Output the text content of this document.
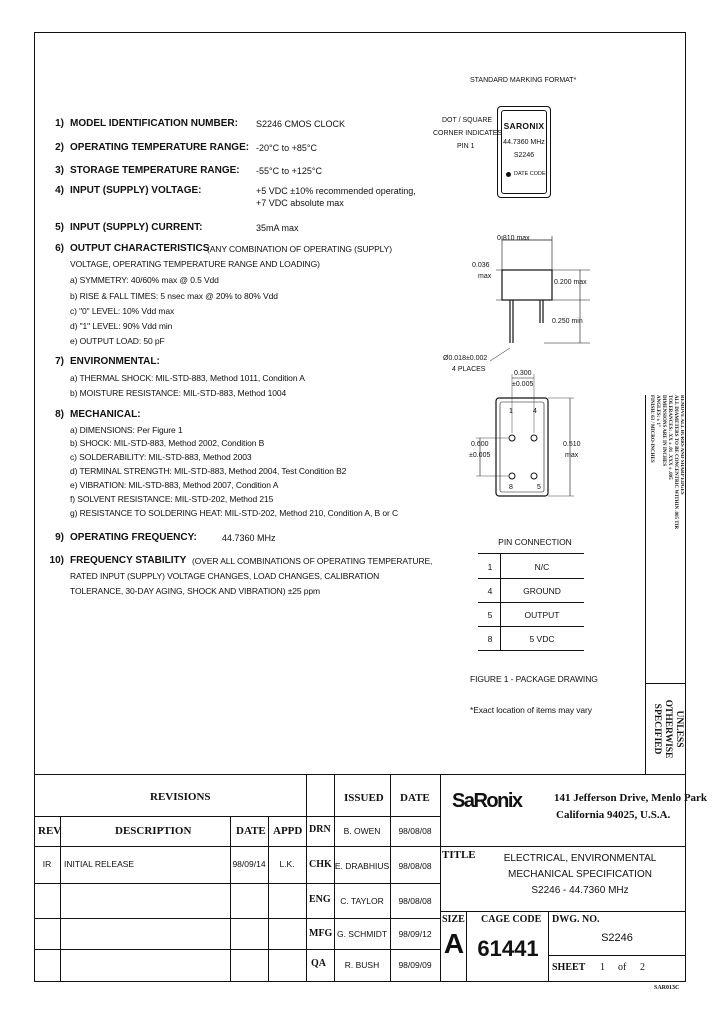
1) MODEL IDENTIFICATION NUMBER: S2246 CMOS CLOCK
2) OPERATING TEMPERATURE RANGE: -20°C to +85°C
3) STORAGE TEMPERATURE RANGE: -55°C to +125°C
4) INPUT (SUPPLY) VOLTAGE:	+5 VDC ±10% recommended operating,
+7 VDC absolute max
5) INPUT (SUPPLY) CURRENT:	35mA max
6) OUTPUT CHARACTERISTICS
(ANY COMBINATION OF OPERATING (SUPPLY)
VOLTAGE, OPERATING TEMPERATURE RANGE AND LOADING)
a) SYMMETRY: 40/60% max @ 0.5 Vdd
b) RISE & FALL TIMES: 5 nsec max @ 20% to 80% Vdd
c) "0" LEVEL: 10% Vdd max
d) "1" LEVEL: 90% Vdd min
e) OUTPUT LOAD: 50 pF
7) ENVIRONMENTAL:
a) THERMAL SHOCK: MIL-STD-883, Method 1011, Condition A
b) MOISTURE RESISTANCE: MIL-STD-883, Method 1004
8) MECHANICAL:
a) DIMENSIONS: Per Figure 1
b) SHOCK: MIL-STD-883, Method 2002, Condition B
c) SOLDERABILITY: MIL-STD-883, Method 2003
d) TERMINAL STRENGTH: MIL-STD-883, Method 2004, Test Condition B2
e) VIBRATION: MIL-STD-883, Method 2007, Condition A
f) SOLVENT RESISTANCE: MIL-STD-202, Method 215
g) RESISTANCE TO SOLDERING HEAT: MIL-STD-202, Method 210, Condition A, B or C
9) OPERATING FREQUENCY:	44.7360 MHz
10) FREQUENCY STABILITY (OVER ALL COMBINATIONS OF OPERATING TEMPERATURE,
RATED INPUT (SUPPLY) VOLTAGE CHANGES, LOAD CHANGES, CALIBRATION
TOLERANCE, 30-DAY AGING, SHOCK AND VIBRATION) ±25 ppm
STANDARD MARKING FORMAT*
DOT / SQUARE
CORNER INDICATES
PIN 1
SARONIX
44.7360 MHz
S2246
DATE CODE
0.810 max
0.036
max
0.200 max
0.250 min
Ø0.018±0.002
4 PLACES
0.300
±0.005
0.600
±0.005
0.510
max
1	4
5
8
PIN CONNECTION
1	N/C
4	GROUND
5	OUTPUT
8	5 VDC
FIGURE 1 - PACKAGE DRAWING
*Exact location of items may vary
REMOVE ALL BURRS AND SHARP EDGES
ALL DIAMETERS TO BE CONCENTRIC WITHIN .005 TIR
TOLERANCES: .XX ± .01 .XXX ± .005
DIMENSIONS ARE IN INCHES
ANGLES: ± 1°
FINISH: 63 / MICRO-INCHES
UNLESS
OTHERWISE
SPECIFIED
REVISIONS	ISSUED DATE
REV	DESCRIPTION	DATE APPD
IR	INITIAL RELEASE	98/09/14	L.K.
DRN	B. OWEN	98/08/08
CHK E. DRABHIUS	98/08/08
ENG	C. TAYLOR	98/08/08
MFG G. SCHMIDT	98/09/12
QA	R. BUSH	98/09/09
SaRonix	141 Jefferson Drive, Menlo Park
California 94025, U.S.A.
TITLE	ELECTRICAL, ENVIRONMENTAL
MECHANICAL SPECIFICATION
S2246 - 44.7360 MHz
SIZE
A
CAGE CODE
61441
DWG. NO.
S2246
SHEET 1 of 2
SAR013C
